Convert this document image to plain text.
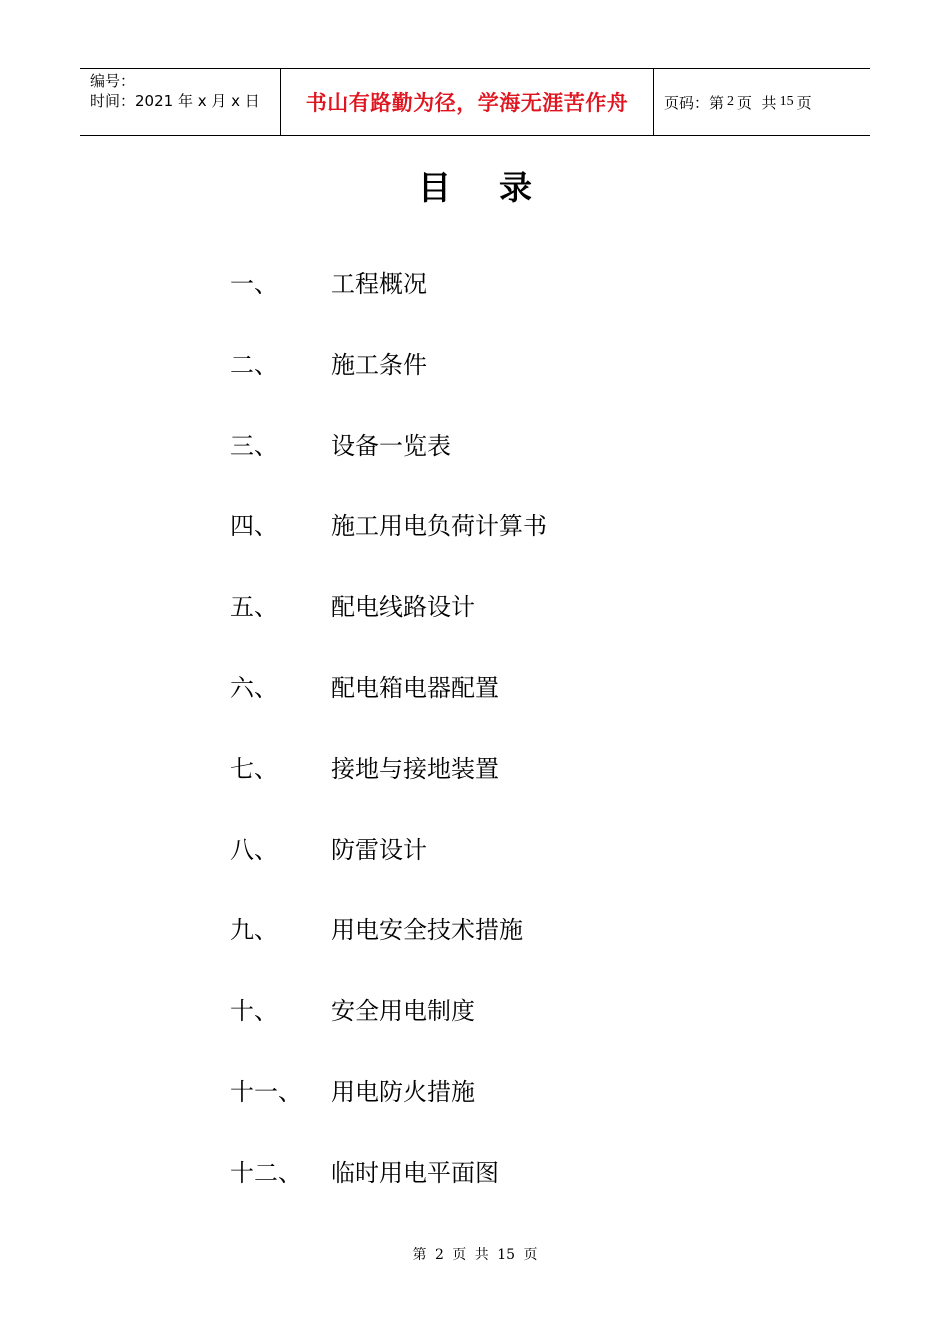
编号：
时间：2021 年 x 月 x 日	书山有路勤为径，学海无涯苦作舟 页码：第 2 页  共 15 页
目 录
一、	工程概况
二、	施工条件
三、	设备一览表
四、	施工用电负荷计算书
五、	配电线路设计
六、	配电箱电器配置
七、	接地与接地装置
八、	防雷设计
九、	用电安全技术措施
十、	安全用电制度
十一、	用电防火措施
十二、	临时用电平面图
第 2 页 共 15 页
